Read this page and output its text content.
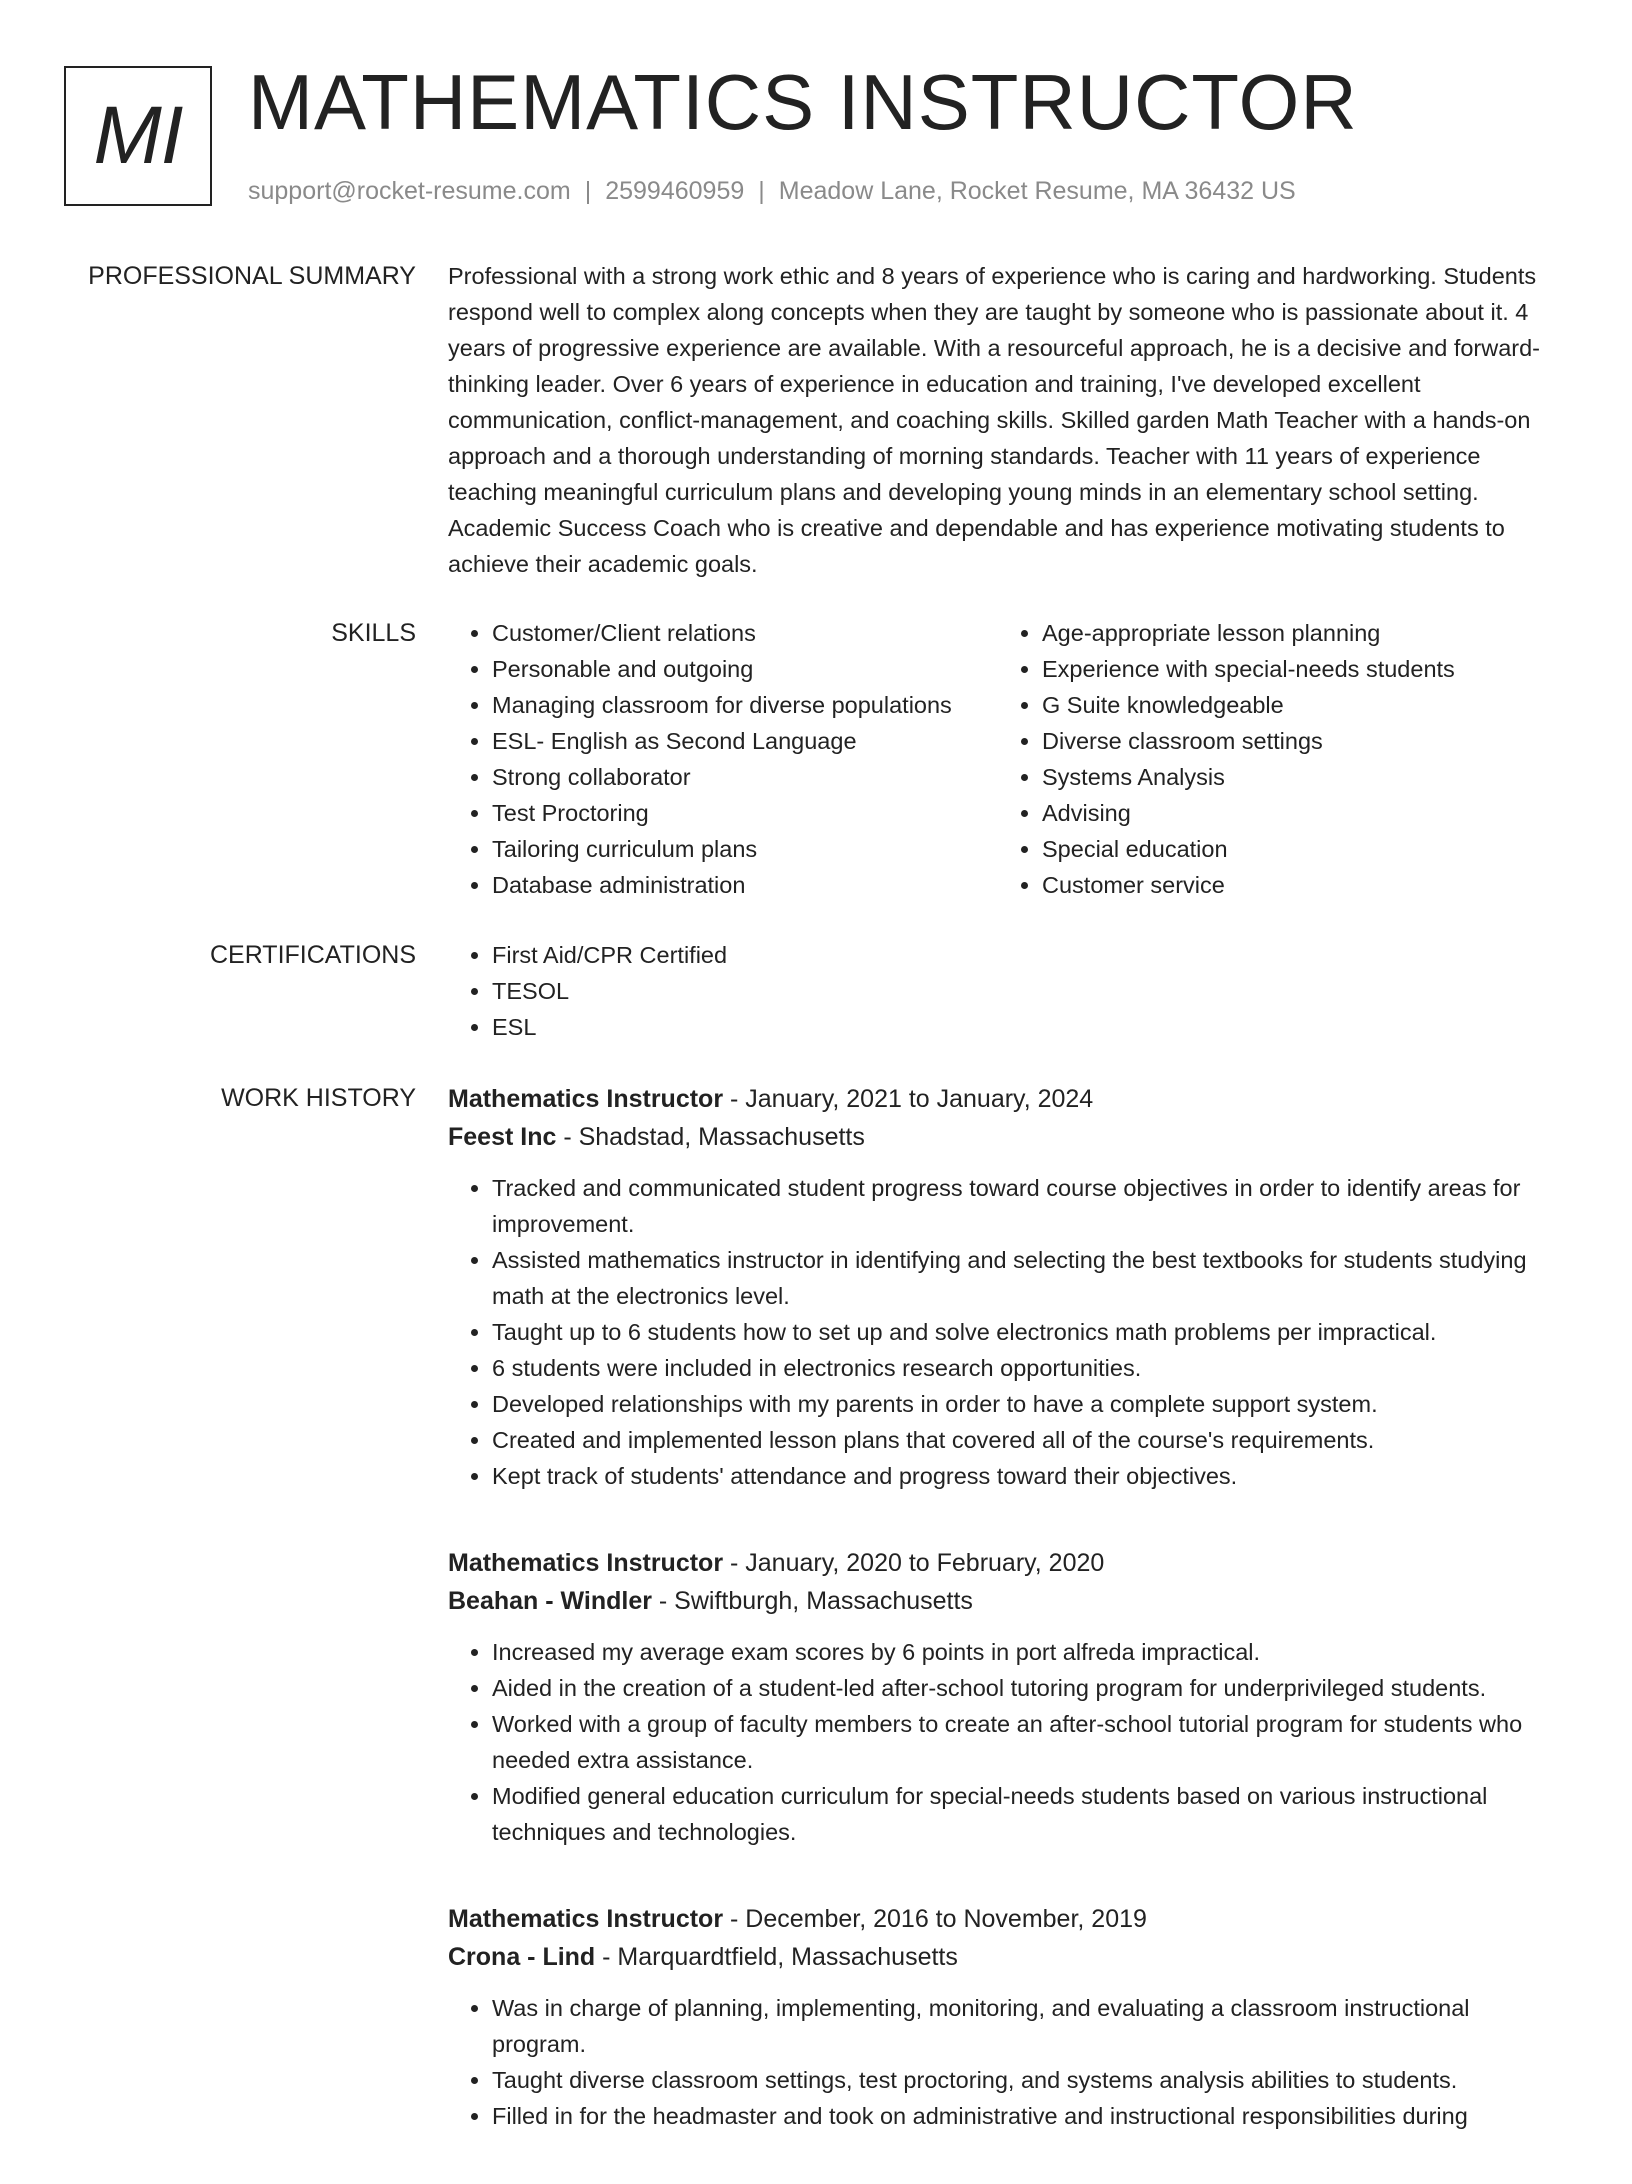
MI MATHEMATICS INSTRUCTOR
support@rocket-resume.com | 2599460959 | Meadow Lane, Rocket Resume, MA 36432 US
PROFESSIONAL SUMMARY Professional with a strong work ethic and 8 years of experience who is caring and hardworking. Students respond well to complex along concepts when they are taught by someone who is passionate about it. 4 years of progressive experience are available. With a resourceful approach, he is a decisive and forward-thinking leader. Over 6 years of experience in education and training, I've developed excellent communication, conflict-management, and coaching skills. Skilled garden Math Teacher with a hands-on approach and a thorough understanding of morning standards. Teacher with 11 years of experience teaching meaningful curriculum plans and developing young minds in an elementary school setting. Academic Success Coach who is creative and dependable and has experience motivating students to achieve their academic goals.

SKILLS	• Customer/Client relations
• Personable and outgoing
• Managing classroom for diverse populations
• ESL- English as Second Language
• Strong collaborator
• Test Proctoring
• Tailoring curriculum plans
• Database administration
• Age-appropriate lesson planning
• Experience with special-needs students
• G Suite knowledgeable
• Diverse classroom settings
• Systems Analysis
• Advising
• Special education
• Customer service
CERTIFICATIONS	• First Aid/CPR Certified
• TESOL
• ESL
WORK HISTORY Mathematics Instructor - January, 2021 to January, 2024
Feest Inc - Shadstad, Massachusetts
• Tracked and communicated student progress toward course objectives in order to identify areas for improvement.
• Assisted mathematics instructor in identifying and selecting the best textbooks for students studying math at the electronics level.
• Taught up to 6 students how to set up and solve electronics math problems per impractical.
• 6 students were included in electronics research opportunities.
• Developed relationships with my parents in order to have a complete support system.
• Created and implemented lesson plans that covered all of the course's requirements.
• Kept track of students' attendance and progress toward their objectives.
Mathematics Instructor - January, 2020 to February, 2020
Beahan - Windler - Swiftburgh, Massachusetts
• Increased my average exam scores by 6 points in port alfreda impractical.
• Aided in the creation of a student-led after-school tutoring program for underprivileged students.
• Worked with a group of faculty members to create an after-school tutorial program for students who needed extra assistance.
• Modified general education curriculum for special-needs students based on various instructional techniques and technologies.
Mathematics Instructor - December, 2016 to November, 2019
Crona - Lind - Marquardtfield, Massachusetts
• Was in charge of planning, implementing, monitoring, and evaluating a classroom instructional program.
• Taught diverse classroom settings, test proctoring, and systems analysis abilities to students.
• Filled in for the headmaster and took on administrative and instructional responsibilities during
